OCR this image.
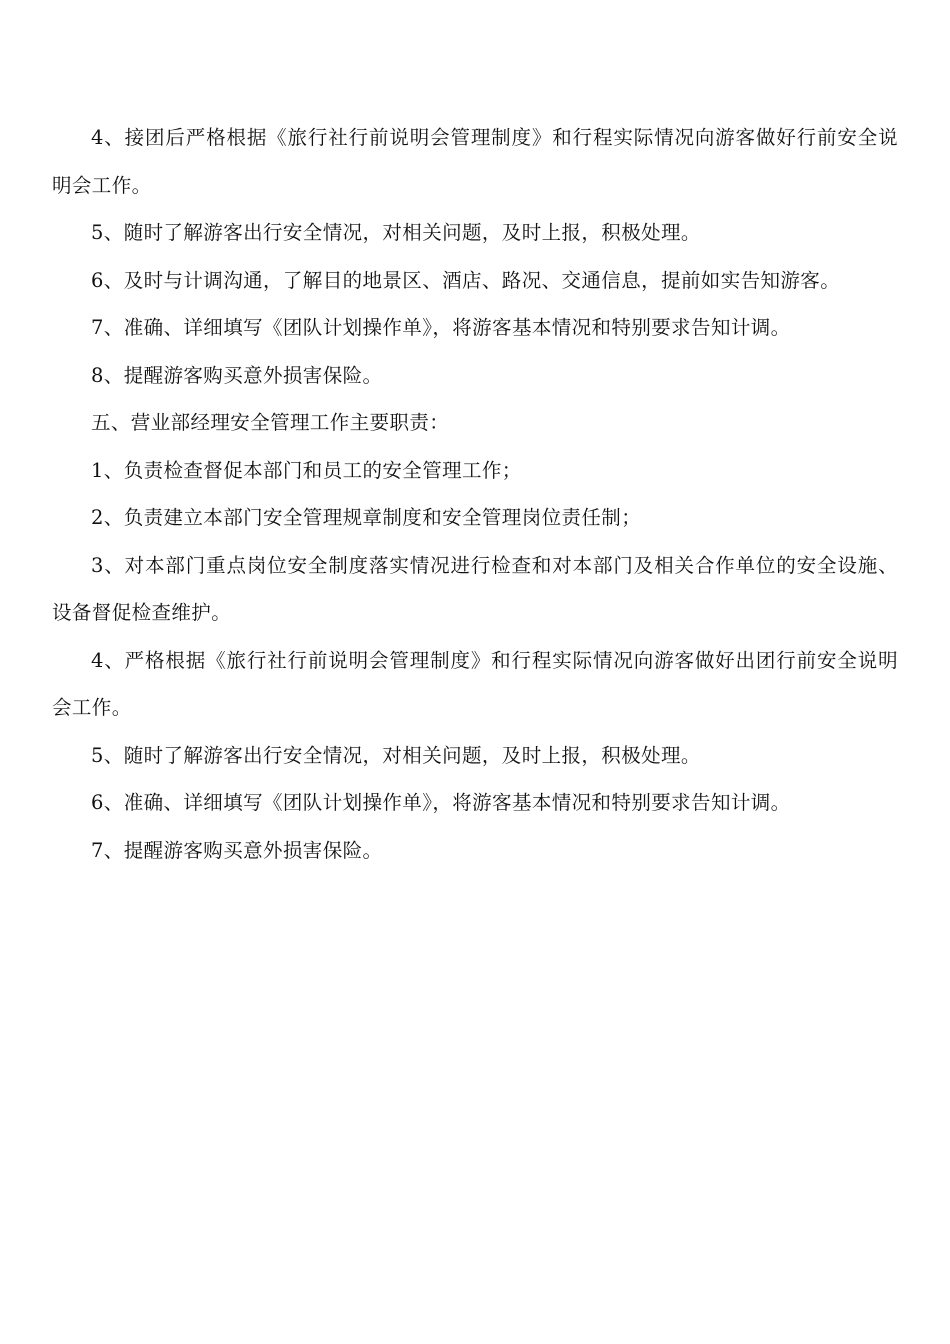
4、接团后严格根据《旅行社行前说明会管理制度》和行程实际情况向游客做好行前安全说明会工作。

5、随时了解游客出行安全情况，对相关问题，及时上报，积极处理。

6、及时与计调沟通，了解目的地景区、酒店、路况、交通信息，提前如实告知游客。

7、准确、详细填写《团队计划操作单》，将游客基本情况和特别要求告知计调。

8、提醒游客购买意外损害保险。

五、营业部经理安全管理工作主要职责：

1、负责检查督促本部门和员工的安全管理工作；

2、负责建立本部门安全管理规章制度和安全管理岗位责任制；

3、对本部门重点岗位安全制度落实情况进行检查和对本部门及相关合作单位的安全设施、设备督促检查维护。

4、严格根据《旅行社行前说明会管理制度》和行程实际情况向游客做好出团行前安全说明会工作。

5、随时了解游客出行安全情况，对相关问题，及时上报，积极处理。

6、准确、详细填写《团队计划操作单》，将游客基本情况和特别要求告知计调。

7、提醒游客购买意外损害保险。
